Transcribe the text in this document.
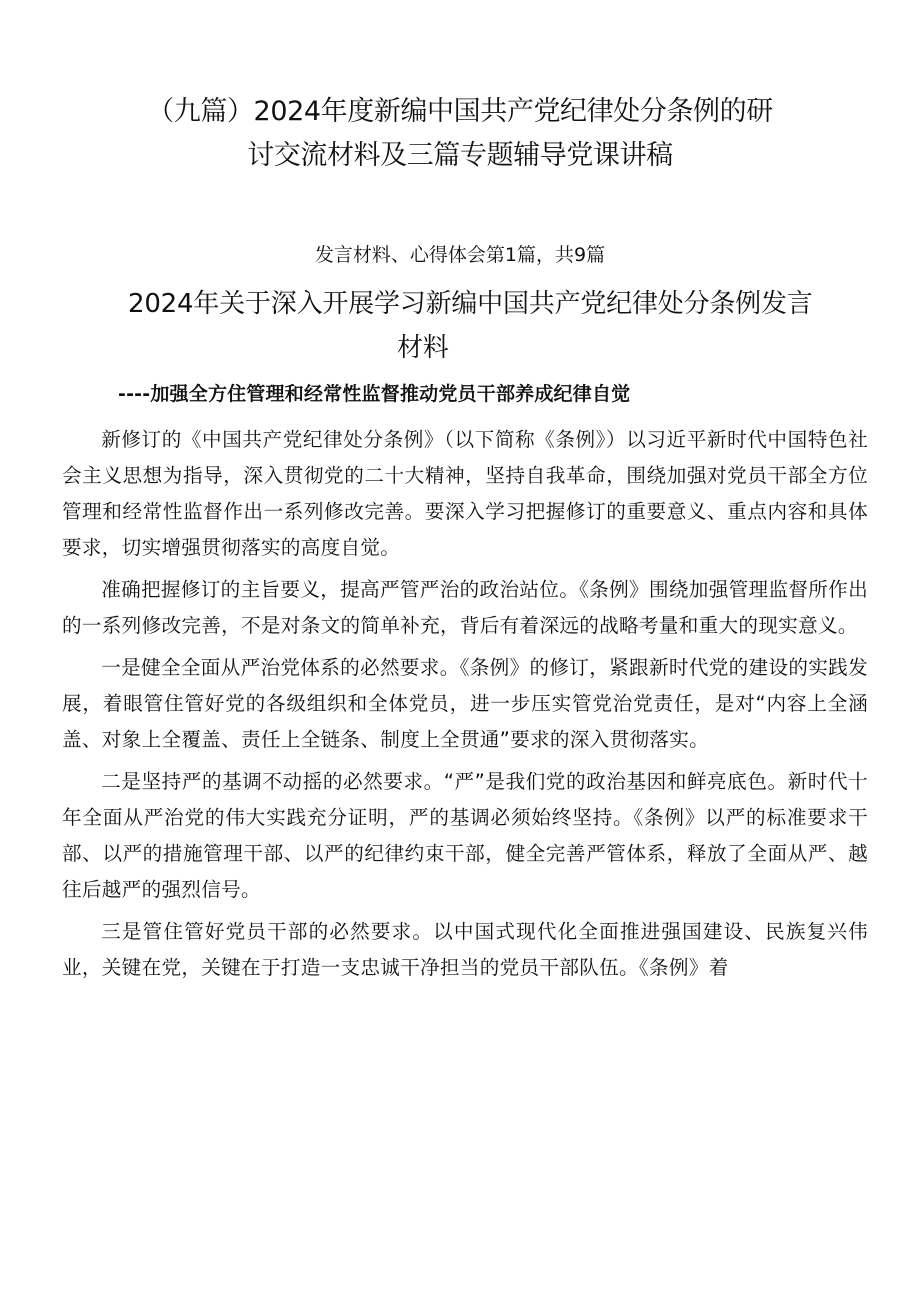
（九篇）2024年度新编中国共产党纪律处分条例的研
讨交流材料及三篇专题辅导党课讲稿

发言材料、心得体会第1篇，共9篇

2024年关于深入开展学习新编中国共产党纪律处分条例发言
材料

----加强全方住管理和经常性监督推动党员干部养成纪律自觉

新修订的《中国共产党纪律处分条例》（以下简称《条例》）以习近平新时代中国特色社会主义思想为指导，深入贯彻党的二十大精神，坚持自我革命，围绕加强对党员干部全方位管理和经常性监督作出一系列修改完善。要深入学习把握修订的重要意义、重点内容和具体要求，切实增强贯彻落实的高度自觉。

准确把握修订的主旨要义，提高严管严治的政治站位。《条例》围绕加强管理监督所作出的一系列修改完善，不是对条文的简单补充，背后有着深远的战略考量和重大的现实意义。

一是健全全面从严治党体系的必然要求。《条例》的修订，紧跟新时代党的建设的实践发展，着眼管住管好党的各级组织和全体党员，进一步压实管党治党责任，是对“内容上全涵盖、对象上全覆盖、责任上全链条、制度上全贯通”要求的深入贯彻落实。

二是坚持严的基调不动摇的必然要求。“严”是我们党的政治基因和鲜亮底色。新时代十年全面从严治党的伟大实践充分证明，严的基调必须始终坚持。《条例》以严的标准要求干部、以严的措施管理干部、以严的纪律约束干部，健全完善严管体系，释放了全面从严、越往后越严的强烈信号。

三是管住管好党员干部的必然要求。以中国式现代化全面推进强国建设、民族复兴伟业，关键在党，关键在于打造一支忠诚干净担当的党员干部队伍。《条例》着
